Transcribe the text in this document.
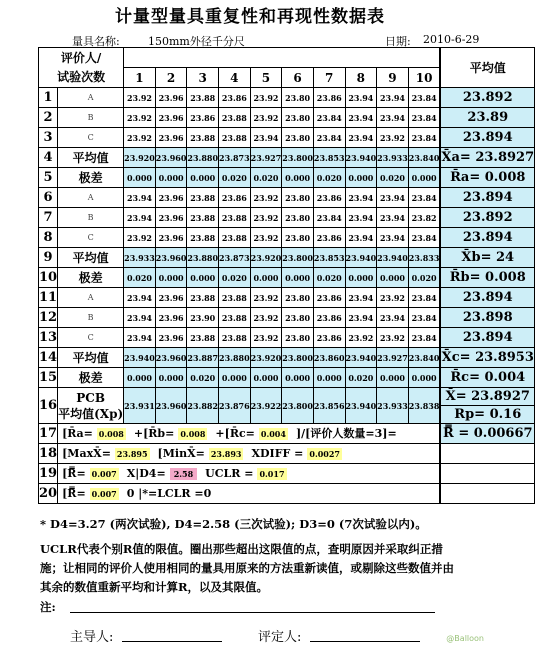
计量型量具重复性和再现性数据表
量具名称:	150mm外径千分尺	日期: 2010-6-29
评价人/												平均值
试验次数		1	2	3	4	5	6	7	8	9	10	
1	A	23.92	23.96	23.88	23.86	23.92	23.80	23.86	23.94	23.94	23.84		23.892
2	B	23.92	23.96	23.86	23.88	23.92	23.80	23.84	23.94	23.94	23.84		23.89
3	C	23.92	23.96	23.88	23.88	23.94	23.80	23.84	23.94	23.92	23.84		23.894
4	平均值	23.920	23.960	23.880	23.873	23.927	23.800	23.853	23.940	23.933	23.840		X̄a= 23.8927
5	极差	0.000	0.000	0.000	0.020	0.020	0.000	0.020	0.000	0.020	0.000		R̄a= 0.008
6	A	23.94	23.96	23.88	23.86	23.92	23.80	23.86	23.94	23.94	23.84		23.894
7	B	23.94	23.96	23.88	23.88	23.92	23.80	23.84	23.94	23.94	23.82		23.892
8	C	23.92	23.96	23.88	23.88	23.92	23.80	23.86	23.94	23.94	23.84		23.894
9	平均值	23.933	23.960	23.880	23.873	23.920	23.800	23.853	23.940	23.940	23.833		X̄b= 24
10	极差	0.020	0.000	0.000	0.020	0.000	0.000	0.020	0.000	0.000	0.020		R̄b= 0.008
11	A	23.94	23.96	23.88	23.88	23.92	23.80	23.86	23.94	23.92	23.84		23.894
12	B	23.94	23.96	23.90	23.88	23.92	23.80	23.86	23.94	23.94	23.84		23.898
13	C	23.94	23.96	23.88	23.88	23.92	23.80	23.86	23.92	23.92	23.84		23.894
14	平均值	23.940	23.960	23.887	23.880	23.920	23.800	23.860	23.940	23.927	23.840		X̄c= 23.8953
15	极差	0.000	0.000	0.020	0.000	0.000	0.000	0.000	0.020	0.000	0.000		R̄c= 0.004
16	PCB
平均值(Xp)	23.931	23.960	23.882	23.876	23.922	23.800	23.856	23.940	23.933	23.838		X̄= 23.8927
												Rp= 0.16
17	[R̄a= 0.008 +[R̄b= 0.008 +[R̄c= 0.004 ]/[评价人数量=3]=											R̿ = 0.00667
18	[MaxX̄= 23.895 [MinX̄= 23.893 XDIFF = 0.0027											
19	[R̿= 0.007 X|D4= 2.58 UCLR = 0.017											
20	[R̿= 0.007 0 |*=LCLR =0											
* D4=3.27 (两次试验), D4=2.58 (三次试验); D3=0 (7次试验以内)。
UCLR代表个别R值的限值。圈出那些超出这限值的点，查明原因并采取纠正措
施；让相同的评价人使用相同的量具用原来的方法重新读值，或剔除这些数值并由
其余的数值重新平均和计算R，以及其限值。
注:
主导人:	评定人:	@Balloon
